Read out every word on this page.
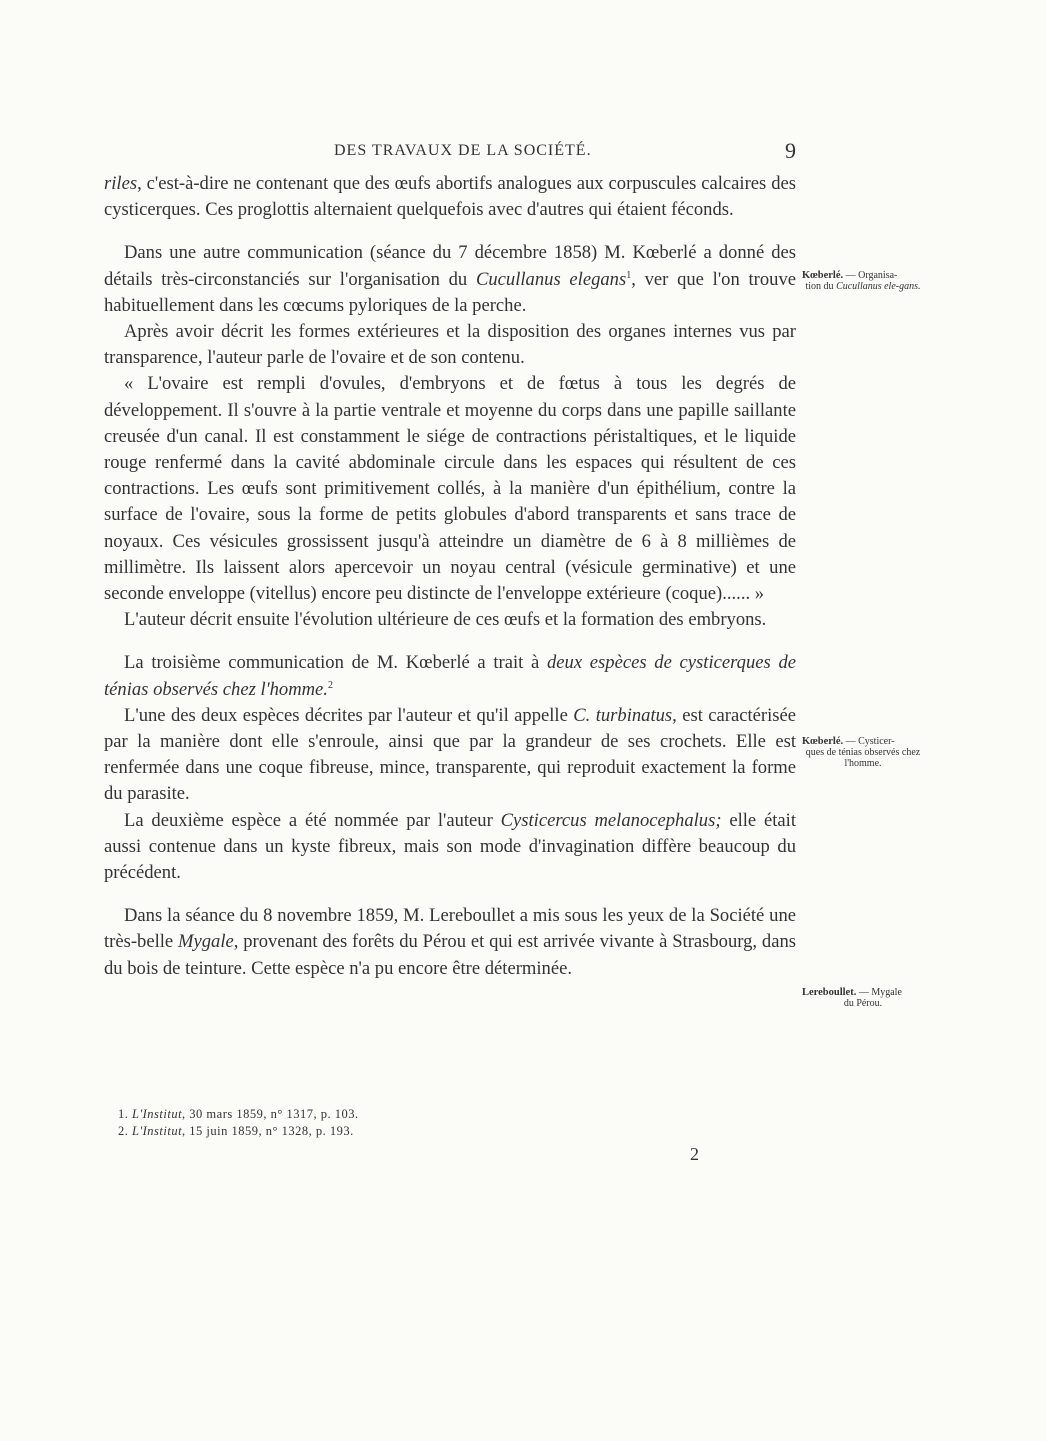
DES TRAVAUX DE LA SOCIÉTÉ.	9

riles, c'est-à-dire ne contenant que des œufs abortifs analogues aux corpuscules calcaires des cysticerques. Ces proglottis alternaient quelquefois avec d'autres qui étaient féconds.

Dans une autre communication (séance du 7 décembre 1858) M. Kœberlé a donné des détails très-circonstanciés sur l'organisation du Cucullanus elegans$^1$, ver que l'on trouve habituellement dans les cœcums pyloriques de la perche.

Après avoir décrit les formes extérieures et la disposition des organes internes vus par transparence, l'auteur parle de l'ovaire et de son contenu.

« L'ovaire est rempli d'ovules, d'embryons et de fœtus à tous les degrés de développement. Il s'ouvre à la partie ventrale et moyenne du corps dans une papille saillante creusée d'un canal. Il est constamment le siége de contractions péristaltiques, et le liquide rouge renfermé dans la cavité abdominale circule dans les espaces qui résultent de ces contractions. Les œufs sont primitivement collés, à la manière d'un épithélium, contre la surface de l'ovaire, sous la forme de petits globules d'abord transparents et sans trace de noyaux. Ces vésicules grossissent jusqu'à atteindre un diamètre de 6 à 8 millièmes de millimètre. Ils laissent alors apercevoir un noyau central (vésicule germinative) et une seconde enveloppe (vitellus) encore peu distincte de l'enveloppe extérieure (coque)...... »

L'auteur décrit ensuite l'évolution ultérieure de ces œufs et la formation des embryons.

La troisième communication de M. Kœberlé a trait à deux espèces de cysticerques de ténias observés chez l'homme.$^2$

L'une des deux espèces décrites par l'auteur et qu'il appelle C. turbinatus, est caractérisée par la manière dont elle s'enroule, ainsi que par la grandeur de ses crochets. Elle est renfermée dans une coque fibreuse, mince, transparente, qui reproduit exactement la forme du parasite.

La deuxième espèce a été nommée par l'auteur Cysticercus melanocephalus; elle était aussi contenue dans un kyste fibreux, mais son mode d'invagination diffère beaucoup du précédent.

Dans la séance du 8 novembre 1859, M. Lereboullet a mis sous les yeux de la Société une très-belle Mygale, provenant des forêts du Pérou et qui est arrivée vivante à Strasbourg, dans du bois de teinture. Cette espèce n'a pu encore être déterminée.

Kœberlé. — Organisa-
tion du Cucullanus ele-gans.
Kœberlé. — Cysticer-
ques de ténias observés chez l'homme.
Lereboullet. — Mygale
du Pérou.
1. L'Institut, 30 mars 1859, n° 1317, p. 103.
2. L'Institut, 15 juin 1859, n° 1328, p. 193.
2
